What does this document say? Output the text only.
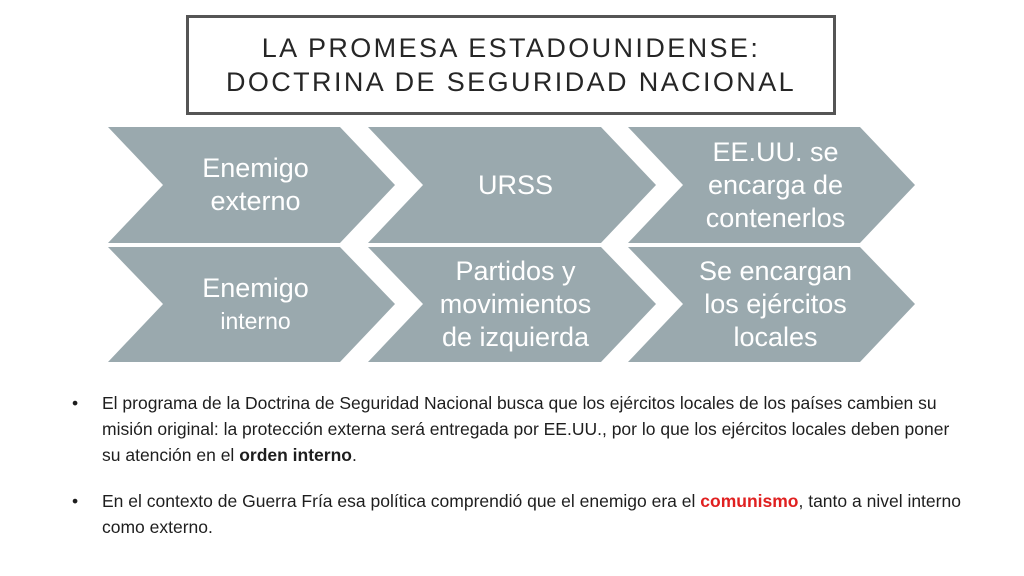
LA PROMESA ESTADOUNIDENSE:
DOCTRINA DE SEGURIDAD NACIONAL
Enemigo
externo
URSS
EE.UU. se
encarga de
contenerlos
Enemigo
interno
Partidos y
movimientos
de izquierda
Se encargan
los ejércitos
locales
• El programa de la Doctrina de Seguridad Nacional busca que los ejércitos locales de los países cambien su misión original: la protección externa será entregada por EE.UU., por lo que los ejércitos locales deben poner su atención en el orden interno.
• En el contexto de Guerra Fría esa política comprendió que el enemigo era el comunismo, tanto a nivel interno como externo.
